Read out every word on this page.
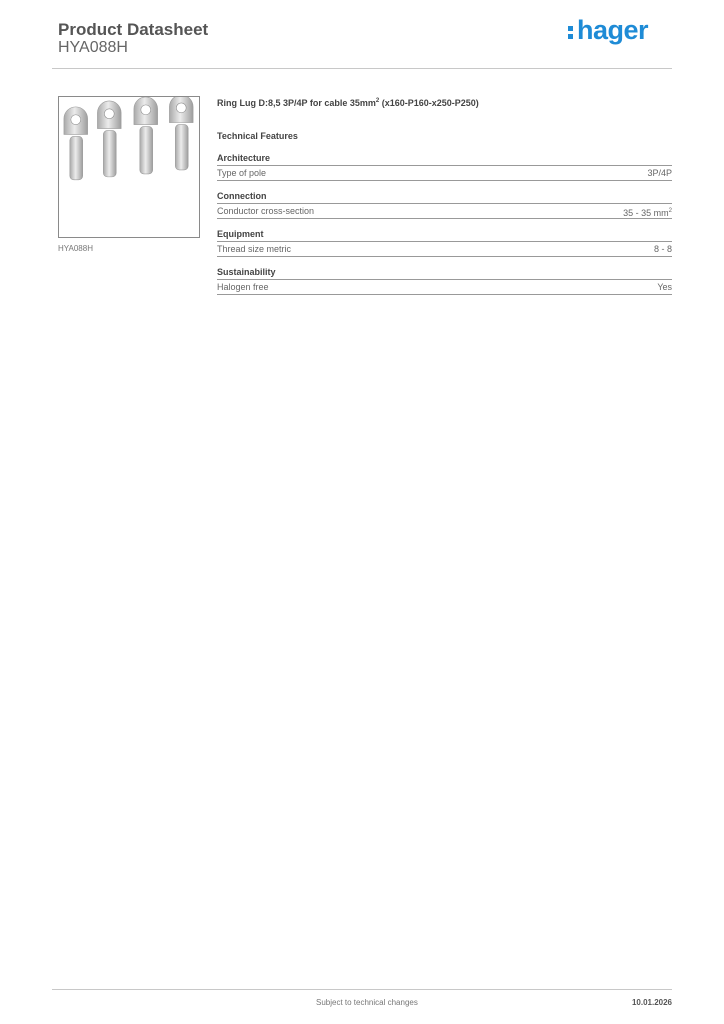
Product Datasheet
HYA088H
hager
HYA088H

Ring Lug D:8,5 3P/4P for cable $35mm^2$ (x160-P160-x250-P250)

Technical Features
Architecture
Type of pole	3P/4P
Connection
Conductor cross-section	35 - 35 $mm^2$
Equipment
Thread size metric	8 - 8
Sustainability
Halogen free	Yes
Subject to technical changes	10.01.2026
